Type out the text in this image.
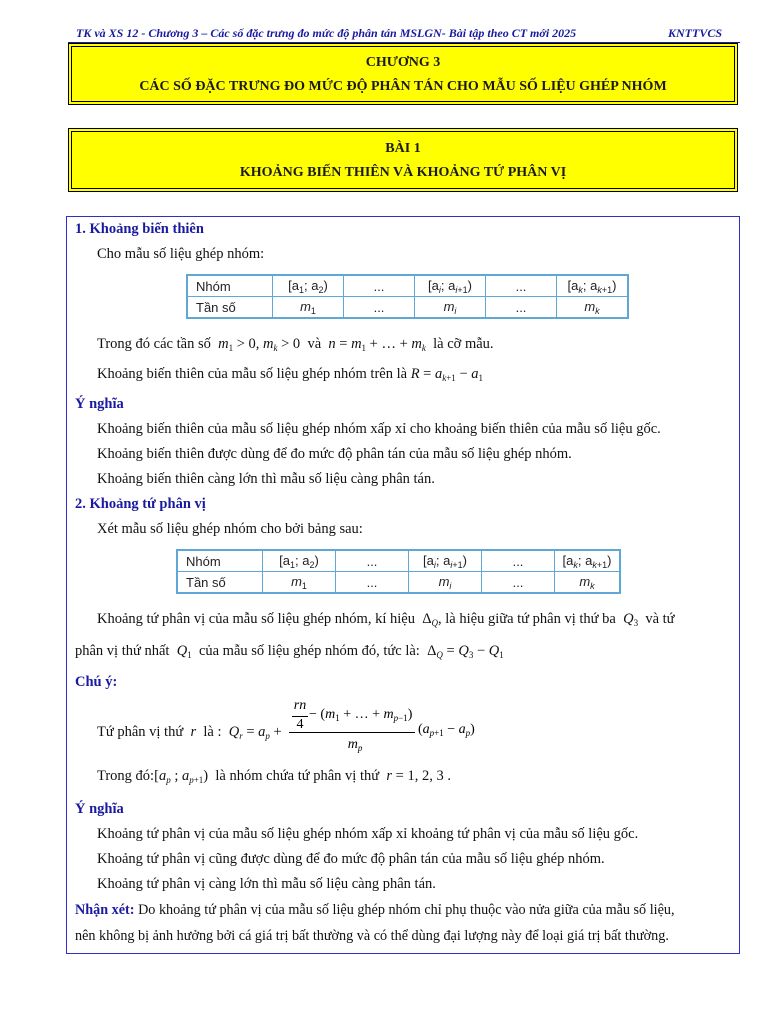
TK và XS 12 - Chương 3 – Các số đặc trưng đo mức độ phân tán MSLGN- Bài tập theo CT mới 2025	KNTTVCS
CHƯƠNG 3
CÁC SỐ ĐẶC TRƯNG ĐO MỨC ĐỘ PHÂN TÁN CHO MẪU SỐ LIỆU GHÉP NHÓM
BÀI 1
KHOẢNG BIẾN THIÊN VÀ KHOẢNG TỨ PHÂN VỊ
1. Khoảng biến thiên
Cho mẫu số liệu ghép nhóm:
Nhóm	[$a_1$; $a_2$)	...	[$a_i$; $a_{i+1}$)	...	[$a_k$; $a_{k+1}$)
Tần số	$m_1$	...	$m_i$	...	$m_k$
Trong đó các tần số $m_1 > 0$, $m_k > 0$  và $n = m_1$ + … + $m_k$ là cỡ mẫu.
Khoảng biến thiên của mẫu số liệu ghép nhóm trên là $R = a_{k+1} - a_1$
Ý nghĩa
Khoảng biến thiên của mẫu số liệu ghép nhóm xấp xỉ cho khoảng biến thiên của mẫu số liệu gốc.
Khoảng biến thiên được dùng để đo mức độ phân tán của mẫu số liệu ghép nhóm.
Khoảng biến thiên càng lớn thì mẫu số liệu càng phân tán.
2. Khoảng tứ phân vị
Xét mẫu số liệu ghép nhóm cho bởi bảng sau:
Nhóm	[$a_1$; $a_2$)	...	[$a_i$; $a_{i+1}$)	...	[$a_k$; $a_{k+1}$)
Tần số	$m_1$	...	$m_i$	...	$m_k$
Khoảng tứ phân vị của mẫu số liệu ghép nhóm, kí hiệu  $\Delta_Q$, là hiệu giữa tứ phân vị thứ ba $Q_3$ và tứ
phân vị thứ nhất $Q_1$ của mẫu số liệu ghép nhóm đó, tức là:  $\Delta_Q = Q_3 - Q_1$
Chú ý:
Tứ phân vị thứ r là : $Q_r = a_p$ +
rn
4
− ($m_1$ + … + $m_{p-1}$)
$m_p$
$(a_{p+1} - a_p)$
Trong $đó:[a_p$ ; $a_{p+1}$)  là nhóm chứa tứ phân vị thứ r = 1, 2, 3 .
Ý nghĩa
Khoảng tứ phân vị của mẫu số liệu ghép nhóm xấp xỉ khoảng tứ phân vị của mẫu số liệu gốc.
Khoảng tứ phân vị cũng được dùng để đo mức độ phân tán của mẫu số liệu ghép nhóm.
Khoảng tứ phân vị càng lớn thì mẫu số liệu càng phân tán.
Nhận xét: Do khoảng tứ phân vị của mẫu số liệu ghép nhóm chỉ phụ thuộc vào nửa giữa của mẫu số liệu,
nên không bị ảnh hưởng bởi cá giá trị bất thường và có thể dùng đại lượng này để loại giá trị bất thường.
